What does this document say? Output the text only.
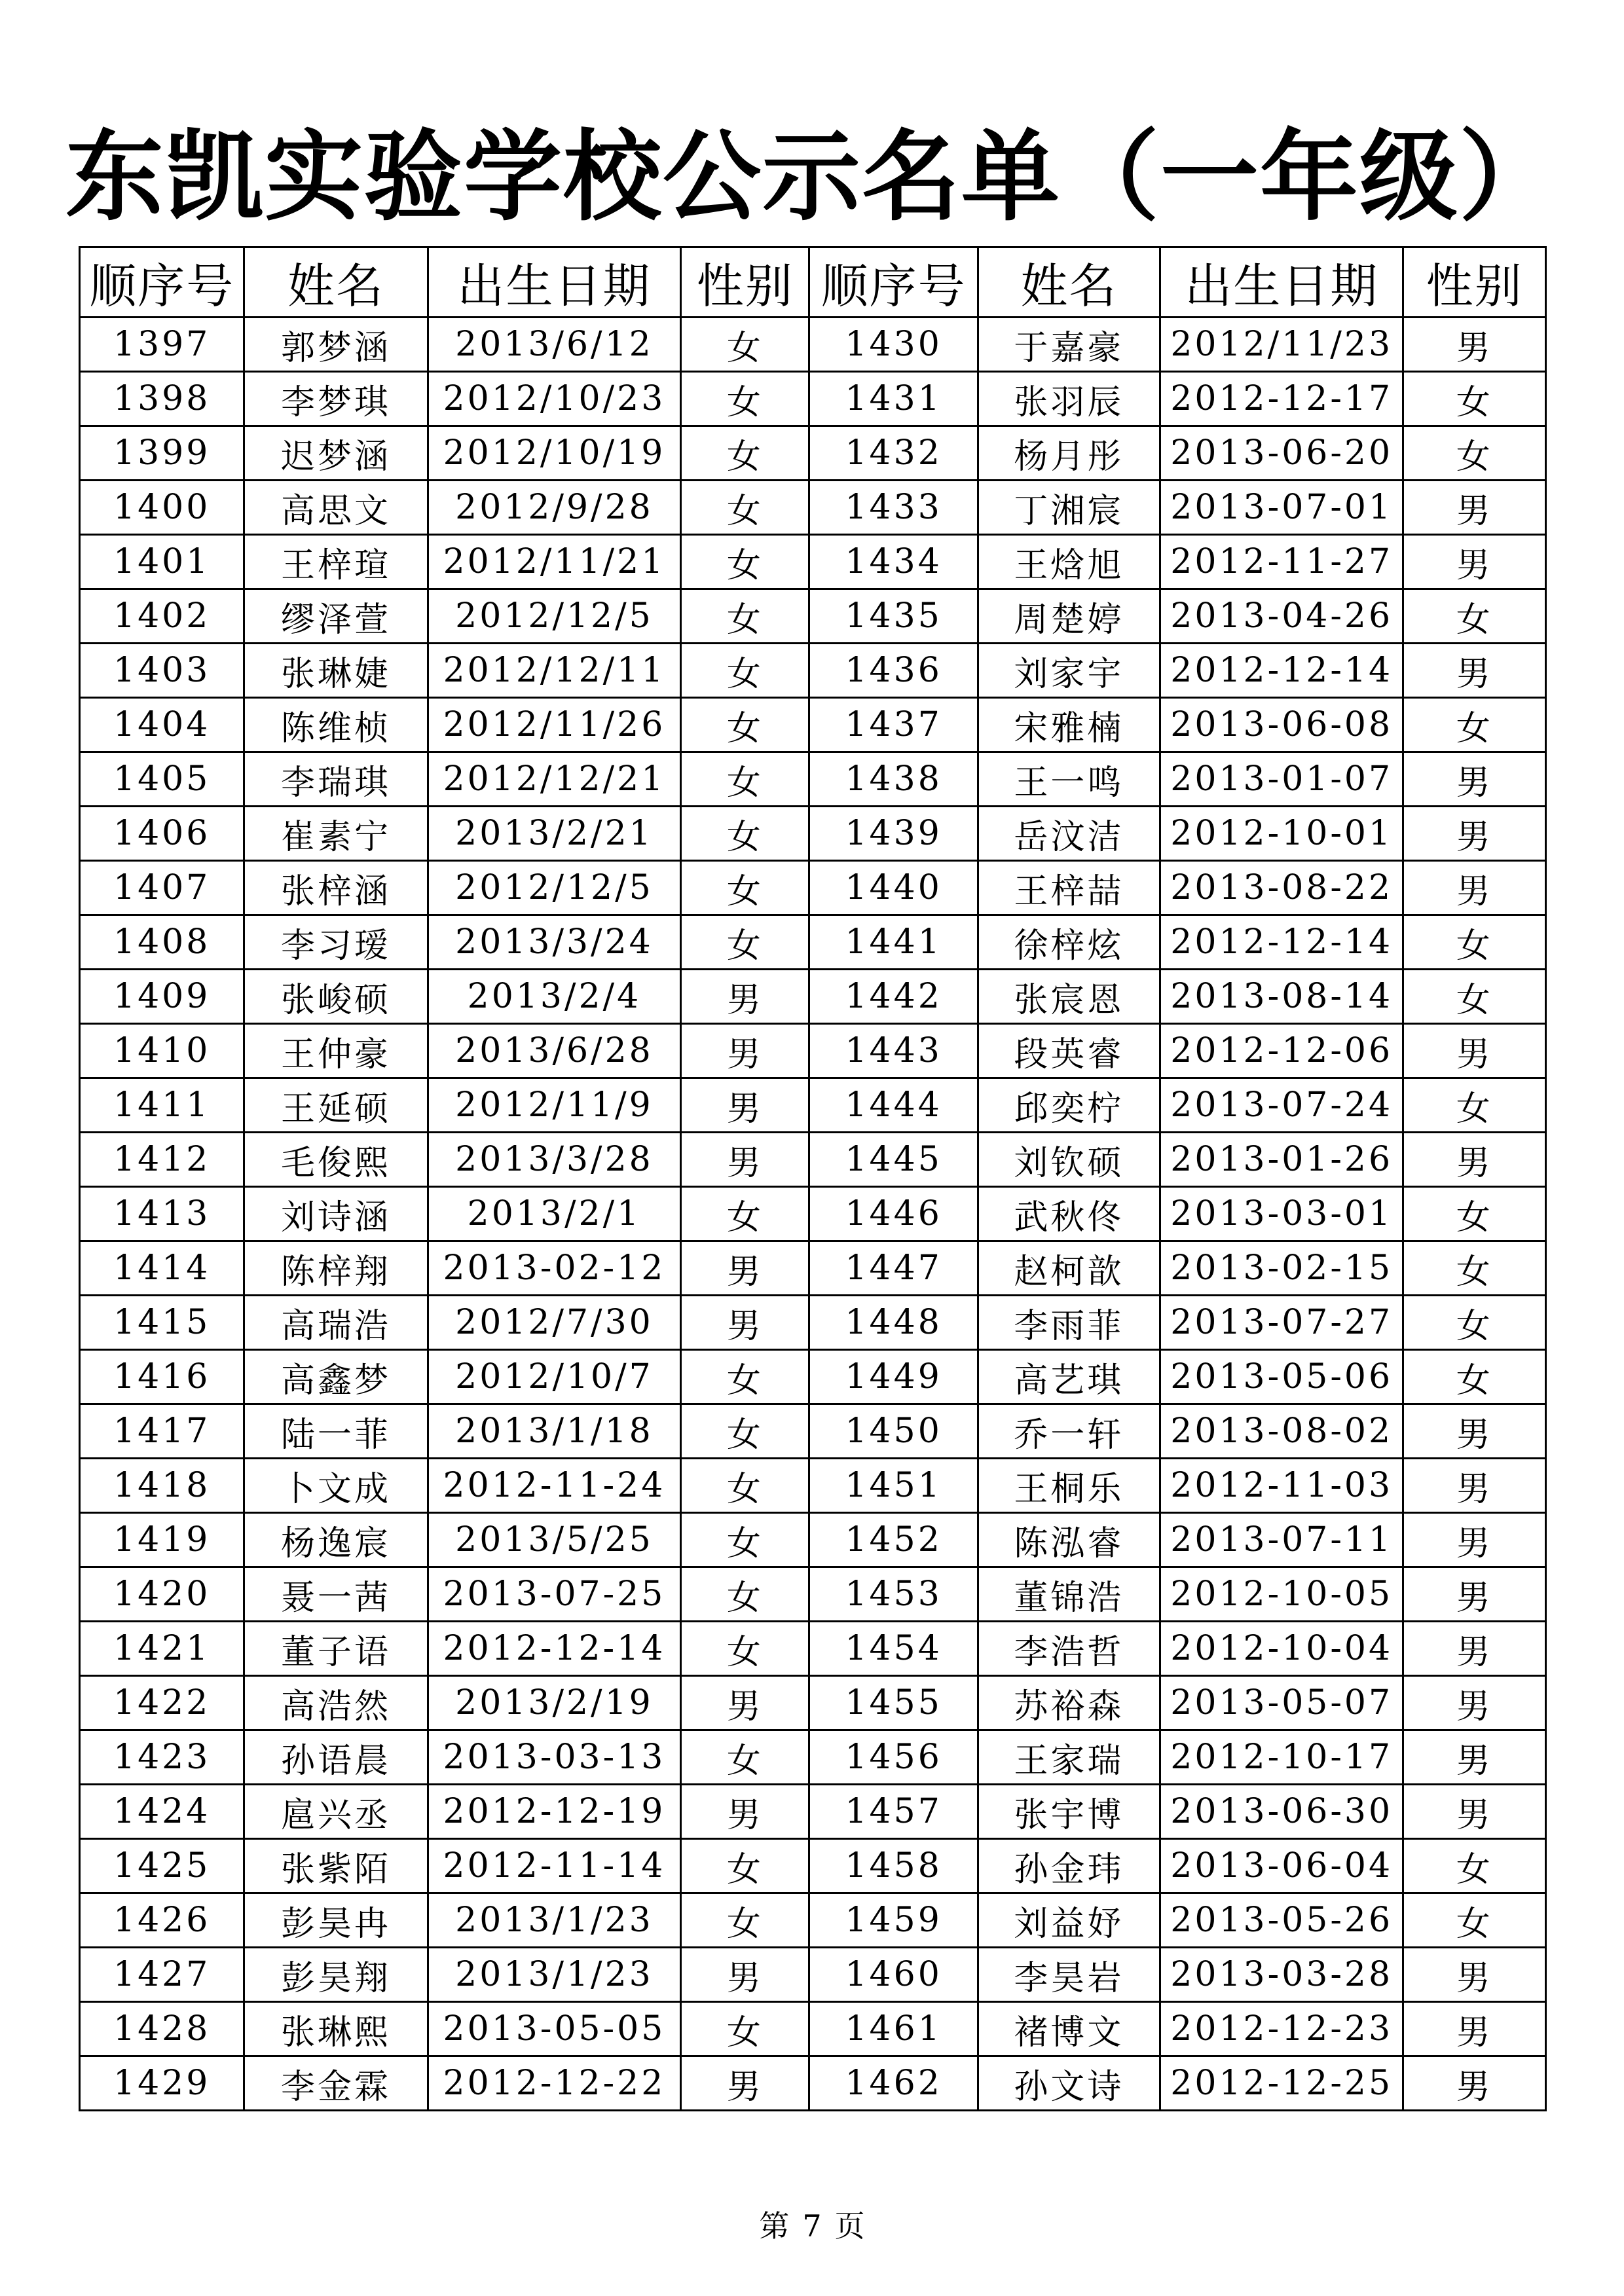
东凯实验学校公示名单（一年级）
顺序号	姓名	出生日期	性别	顺序号	姓名	出生日期	性别
1397	郭梦涵	2013/6/12	女	1430	于嘉豪	2012/11/23	男
1398	李梦琪	2012/10/23	女	1431	张羽辰	2012-12-17	女
1399	迟梦涵	2012/10/19	女	1432	杨月彤	2013-06-20	女
1400	高思文	2012/9/28	女	1433	丁湘宸	2013-07-01	男
1401	王梓瑄	2012/11/21	女	1434	王焓旭	2012-11-27	男
1402	缪泽萱	2012/12/5	女	1435	周楚婷	2013-04-26	女
1403	张琳婕	2012/12/11	女	1436	刘家宇	2012-12-14	男
1404	陈维桢	2012/11/26	女	1437	宋雅楠	2013-06-08	女
1405	李瑞琪	2012/12/21	女	1438	王一鸣	2013-01-07	男
1406	崔素宁	2013/2/21	女	1439	岳汶洁	2012-10-01	男
1407	张梓涵	2012/12/5	女	1440	王梓喆	2013-08-22	男
1408	李习瑷	2013/3/24	女	1441	徐梓炫	2012-12-14	女
1409	张峻硕	2013/2/4	男	1442	张宸恩	2013-08-14	女
1410	王仲豪	2013/6/28	男	1443	段英睿	2012-12-06	男
1411	王延硕	2012/11/9	男	1444	邱奕柠	2013-07-24	女
1412	毛俊熙	2013/3/28	男	1445	刘钦硕	2013-01-26	男
1413	刘诗涵	2013/2/1	女	1446	武秋佟	2013-03-01	女
1414	陈梓翔	2013-02-12	男	1447	赵柯歆	2013-02-15	女
1415	高瑞浩	2012/7/30	男	1448	李雨菲	2013-07-27	女
1416	高鑫梦	2012/10/7	女	1449	高艺琪	2013-05-06	女
1417	陆一菲	2013/1/18	女	1450	乔一轩	2013-08-02	男
1418	卜文成	2012-11-24	女	1451	王桐乐	2012-11-03	男
1419	杨逸宸	2013/5/25	女	1452	陈泓睿	2013-07-11	男
1420	聂一茜	2013-07-25	女	1453	董锦浩	2012-10-05	男
1421	董子语	2012-12-14	女	1454	李浩哲	2012-10-04	男
1422	高浩然	2013/2/19	男	1455	苏裕森	2013-05-07	男
1423	孙语晨	2013-03-13	女	1456	王家瑞	2012-10-17	男
1424	扈兴丞	2012-12-19	男	1457	张宇博	2013-06-30	男
1425	张紫陌	2012-11-14	女	1458	孙金玮	2013-06-04	女
1426	彭昊冉	2013/1/23	女	1459	刘益妤	2013-05-26	女
1427	彭昊翔	2013/1/23	男	1460	李昊岩	2013-03-28	男
1428	张琳熙	2013-05-05	女	1461	褚博文	2012-12-23	男
1429	李金霖	2012-12-22	男	1462	孙文诗	2012-12-25	男
第 7 页
